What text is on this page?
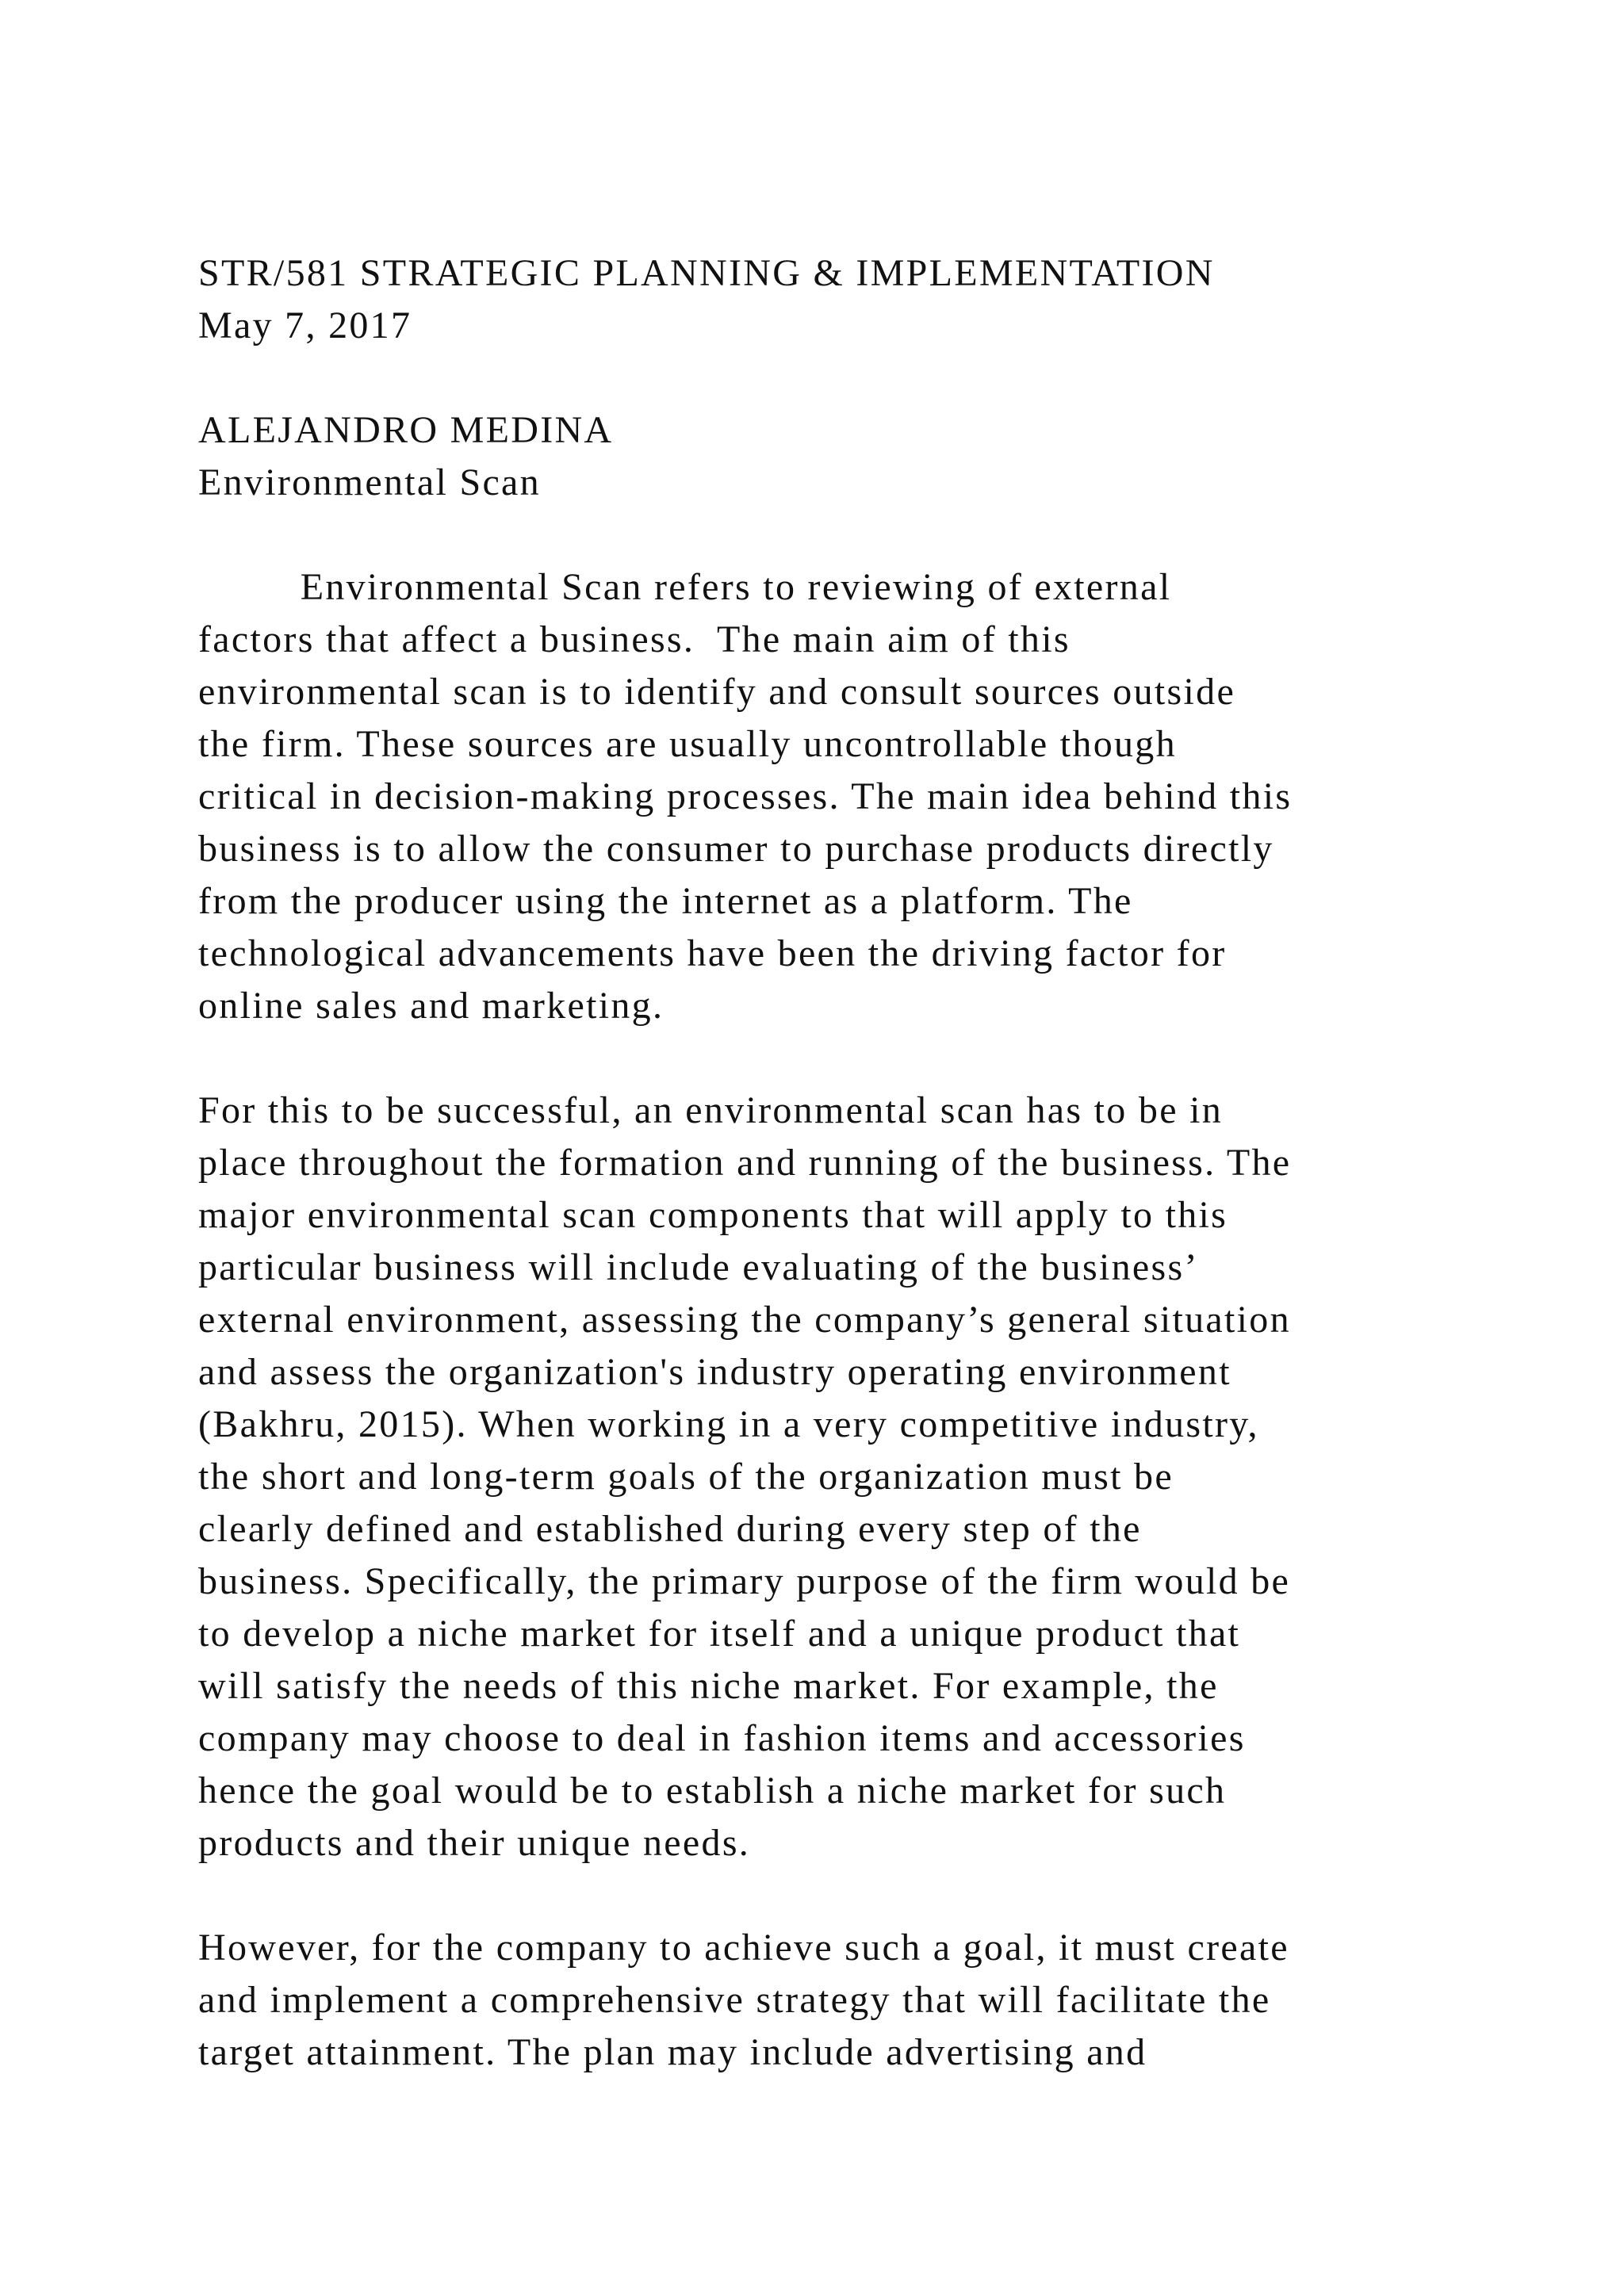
STR/581 STRATEGIC PLANNING & IMPLEMENTATION
May 7, 2017
ALEJANDRO MEDINA
Environmental Scan
Environmental Scan refers to reviewing of external
factors that affect a business.  The main aim of this
environmental scan is to identify and consult sources outside
the firm. These sources are usually uncontrollable though
critical in decision-making processes. The main idea behind this
business is to allow the consumer to purchase products directly
from the producer using the internet as a platform. The
technological advancements have been the driving factor for
online sales and marketing.
For this to be successful, an environmental scan has to be in
place throughout the formation and running of the business. The
major environmental scan components that will apply to this
particular business will include evaluating of the business’
external environment, assessing the company’s general situation
and assess the organization's industry operating environment
(Bakhru, 2015). When working in a very competitive industry,
the short and long-term goals of the organization must be
clearly defined and established during every step of the
business. Specifically, the primary purpose of the firm would be
to develop a niche market for itself and a unique product that
will satisfy the needs of this niche market. For example, the
company may choose to deal in fashion items and accessories
hence the goal would be to establish a niche market for such
products and their unique needs.
However, for the company to achieve such a goal, it must create
and implement a comprehensive strategy that will facilitate the
target attainment. The plan may include advertising and
